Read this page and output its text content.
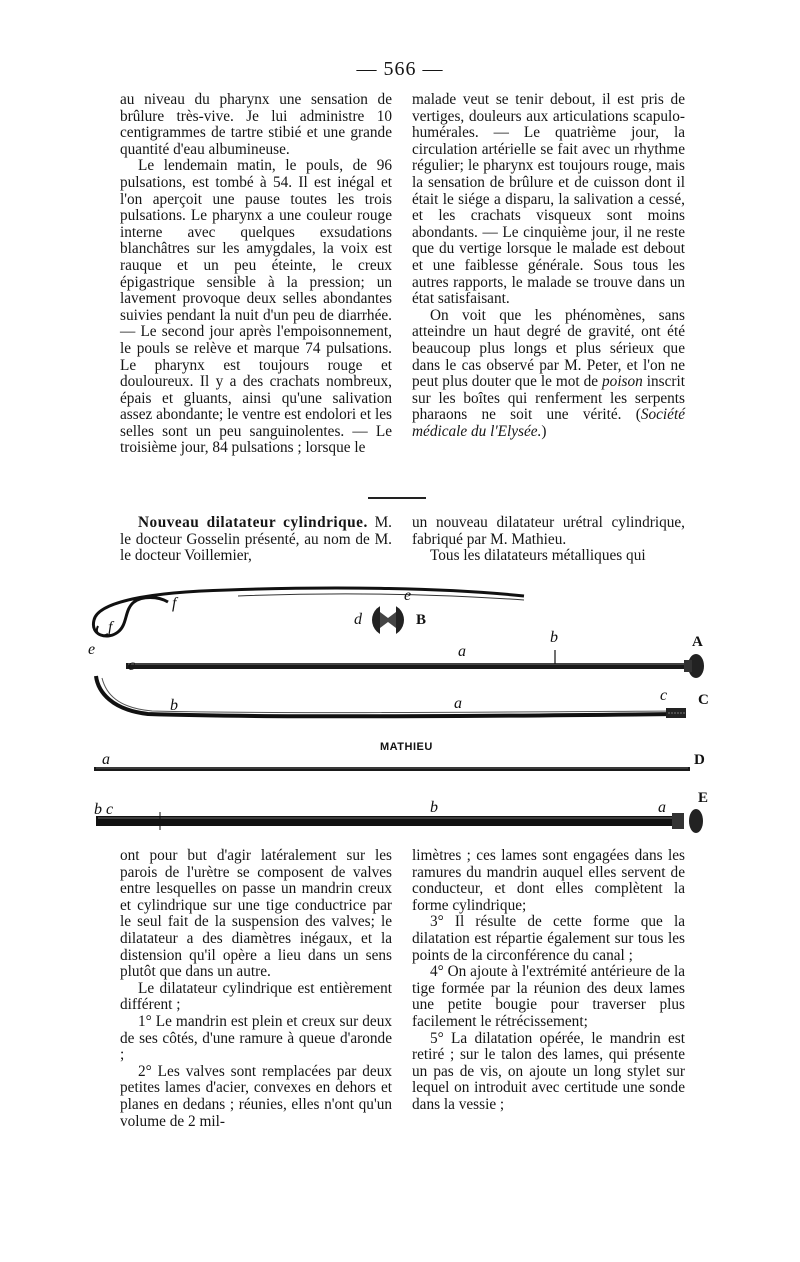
— 566 —

au niveau du pharynx une sensation de brûlure très-vive. Je lui administre 10 centigrammes de tartre stibié et une grande quantité d'eau albumineuse.

Le lendemain matin, le pouls, de 96 pulsations, est tombé à 54. Il est inégal et l'on aperçoit une pause toutes les trois pulsations. Le pharynx a une couleur rouge interne avec quelques exsudations blanchâtres sur les amygdales, la voix est rauque et un peu éteinte, le creux épigastrique sensible à la pression; un lavement provoque deux selles abondantes suivies pendant la nuit d'un peu de diarrhée. — Le second jour après l'empoisonnement, le pouls se relève et marque 74 pulsations. Le pharynx est toujours rouge et douloureux. Il y a des crachats nombreux, épais et gluants, ainsi qu'une salivation assez abondante; le ventre est endolori et les selles sont un peu sanguinolentes. — Le troisième jour, 84 pulsations ; lorsque le

malade veut se tenir debout, il est pris de vertiges, douleurs aux articulations scapulo-humérales. — Le quatrième jour, la circulation artérielle se fait avec un rhythme régulier; le pharynx est toujours rouge, mais la sensation de brûlure et de cuisson dont il était le siége a disparu, la salivation a cessé, et les crachats visqueux sont moins abondants. — Le cinquième jour, il ne reste que du vertige lorsque le malade est debout et une faiblesse générale. Sous tous les autres rapports, le malade se trouve dans un état satisfaisant.

On voit que les phénomènes, sans atteindre un haut degré de gravité, ont été beaucoup plus longs et plus sérieux que dans le cas observé par M. Peter, et l'on ne peut plus douter que le mot de poison inscrit sur les boîtes qui renferment les serpents pharaons ne soit une vérité. (Société médicale du l'Elysée.)

Nouveau dilatateur cylindrique. M. le docteur Gosselin présenté, au nom de M. le docteur Voillemier,

un nouveau dilatateur urétral cylindrique, fabriqué par M. Mathieu.

Tous les dilatateurs métalliques qui

MATHIEU
f
f
e
d	B
a
b	A
e
c
b	a	c C
a	D
b c	b	a
E

ont pour but d'agir latéralement sur les parois de l'urètre se composent de valves entre lesquelles on passe un mandrin creux et cylindrique sur une tige conductrice par le seul fait de la suspension des valves; le dilatateur a des diamètres inégaux, et la distension qu'il opère a lieu dans un sens plutôt que dans un autre.

Le dilatateur cylindrique est entièrement différent ;

1° Le mandrin est plein et creux sur deux de ses côtés, d'une ramure à queue d'aronde ;

2° Les valves sont remplacées par deux petites lames d'acier, convexes en dehors et planes en dedans ; réunies, elles n'ont qu'un volume de 2 mil-

limètres ; ces lames sont engagées dans les ramures du mandrin auquel elles servent de conducteur, et dont elles complètent la forme cylindrique;

3° Il résulte de cette forme que la dilatation est répartie également sur tous les points de la circonférence du canal ;

4° On ajoute à l'extrémité antérieure de la tige formée par la réunion des deux lames une petite bougie pour traverser plus facilement le rétrécissement;

5° La dilatation opérée, le mandrin est retiré ; sur le talon des lames, qui présente un pas de vis, on ajoute un long stylet sur lequel on introduit avec certitude une sonde dans la vessie ;
